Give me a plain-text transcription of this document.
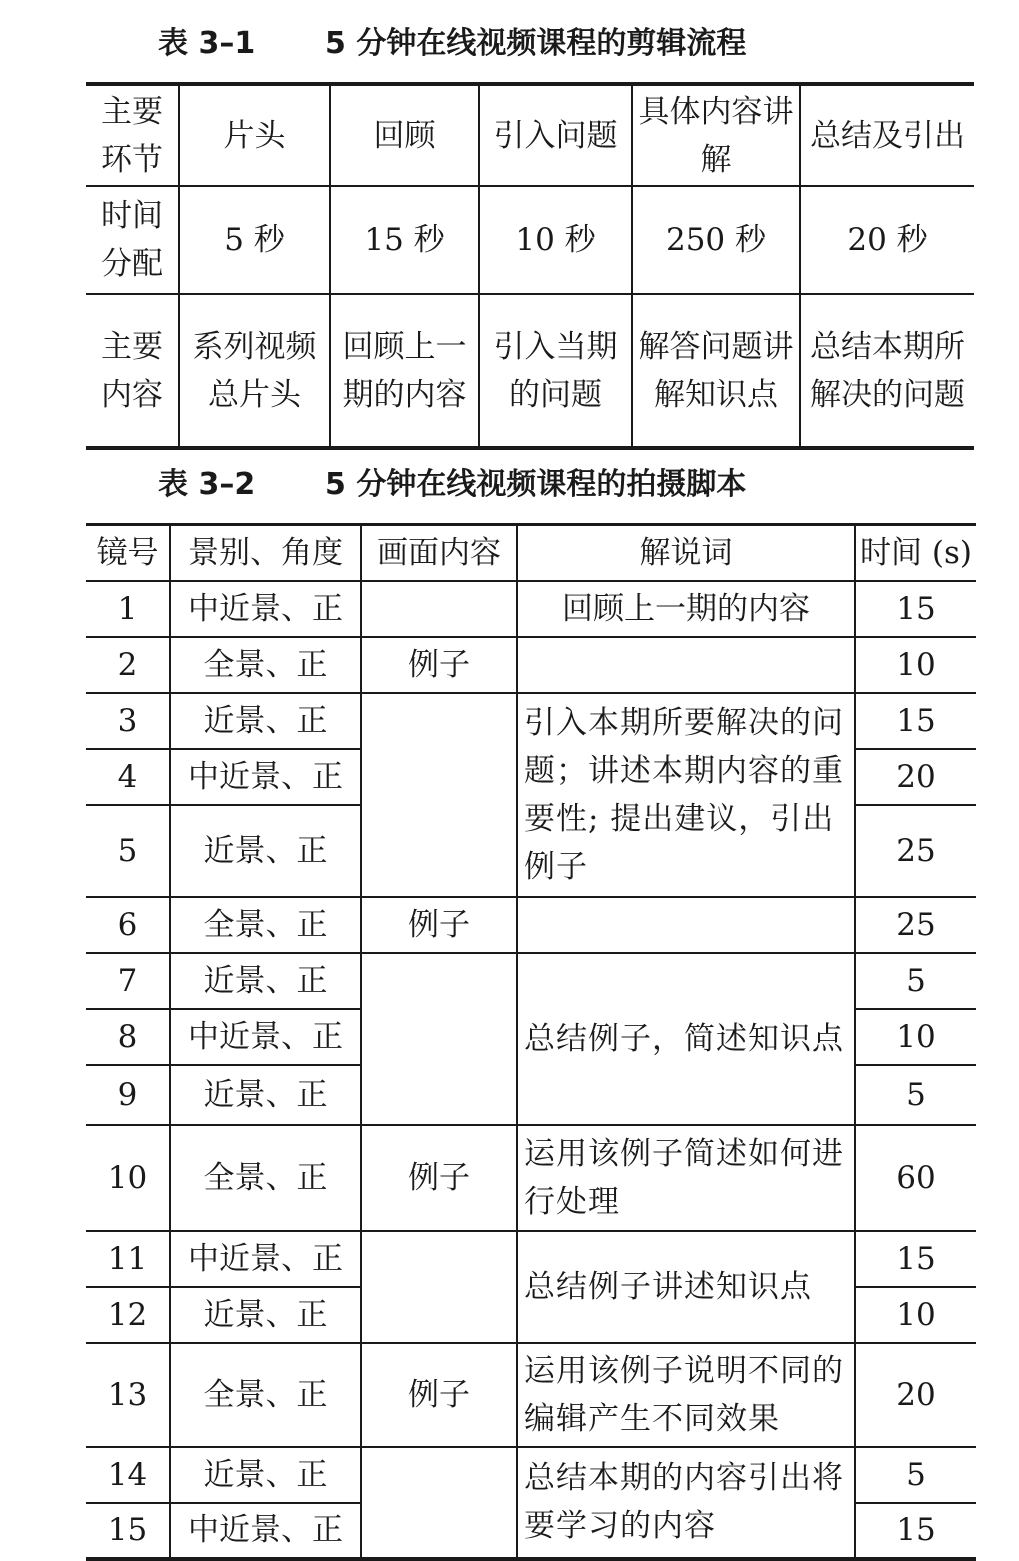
表 3–1 5 分钟在线视频课程的剪辑流程
主要环节	片头	回顾	引入问题	具体内容讲解	总结及引出
时间分配	5 秒	15 秒	10 秒	250 秒	20 秒
主要内容	系列视频总片头	回顾上一期的内容	引入当期的问题	解答问题讲解知识点	总结本期所解决的问题
表 3–2 5 分钟在线视频课程的拍摄脚本
镜号	景别、角度	画面内容	解说词	时间 (s)
1	中近景、正		回顾上一期的内容	15
2	全景、正	例子		10
3	近景、正		引入本期所要解决的问题；讲述本期内容的重要性; 提出建议，引出例子	15
4	中近景、正			20
5	近景、正			25
6	全景、正	例子		25
7	近景、正		总结例子，简述知识点	5
8	中近景、正			10
9	近景、正			5
10	全景、正	例子	运用该例子简述如何进行处理	60
11	中近景、正		总结例子讲述知识点	15
12	近景、正			10
13	全景、正	例子	运用该例子说明不同的编辑产生不同效果	20
14	近景、正		总结本期的内容引出将要学习的内容	5
15	中近景、正			15
